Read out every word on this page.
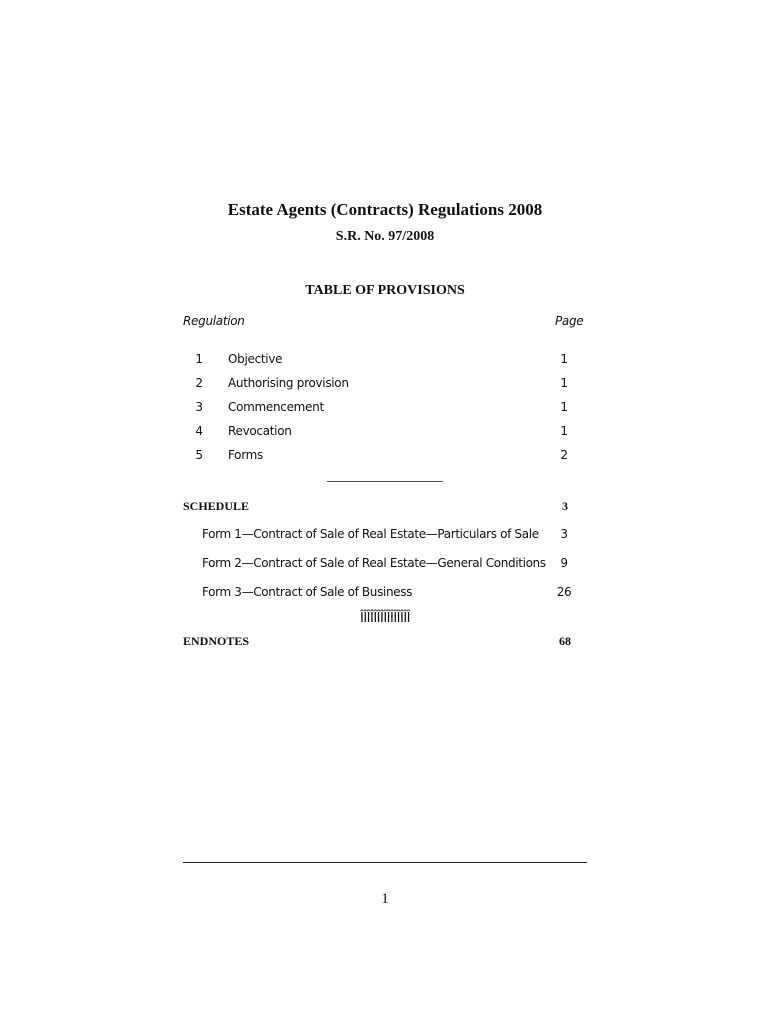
Estate Agents (Contracts) Regulations 2008
S.R. No. 97/2008
TABLE OF PROVISIONS
Regulation	Page
1 Objective	1
2 Authorising provision	1
3 Commencement	1
4 Revocation	1
5 Forms	2
SCHEDULE	3
Form 1—Contract of Sale of Real Estate—Particulars of Sale	3
Form 2—Contract of Sale of Real Estate—General Conditions	9
Form 3—Contract of Sale of Business	26
ÎÎÎÎÎÎÎÎÎÎÎÎÎÎÎ
ENDNOTES	68
1
